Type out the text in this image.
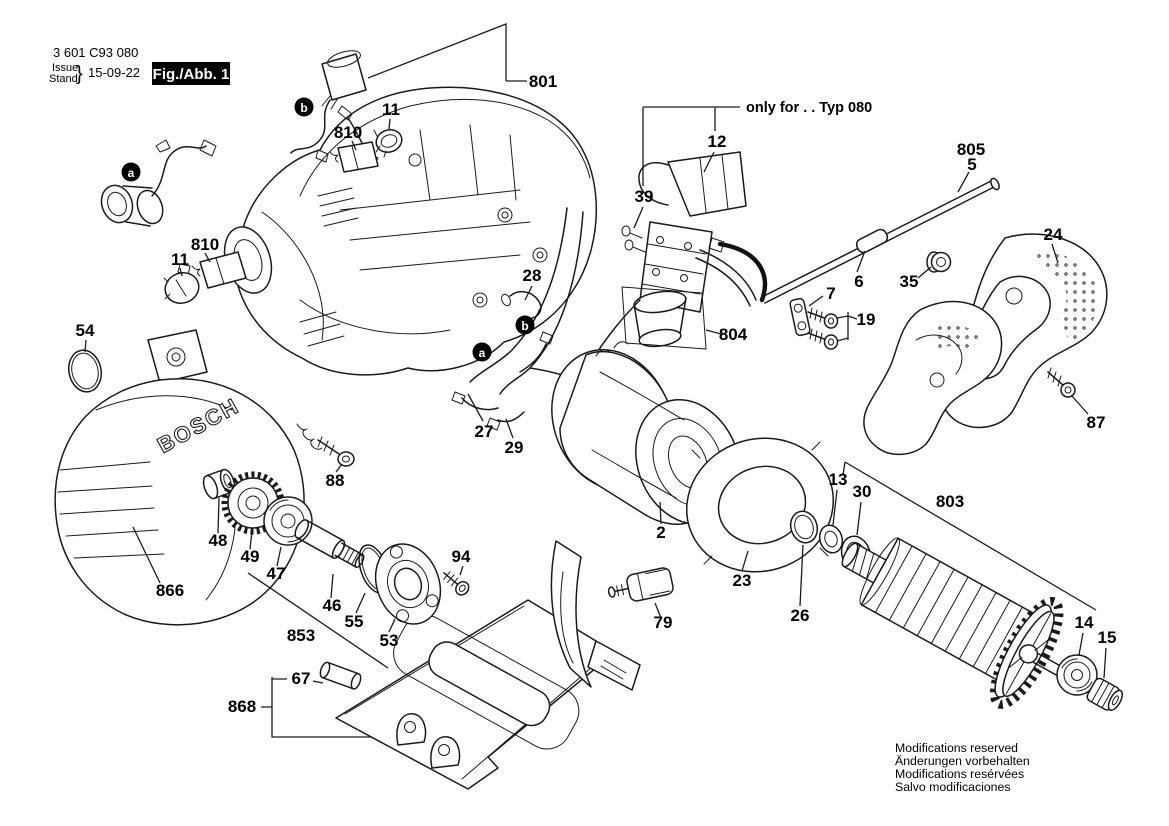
BOSCH
801
810
11
810
11
54
only for . . Typ 080
12
39
805
5
24
6 35
7
19
28
804
27
29
88
87
2
23
26
13
30
803
14
15
94
79
866
48
49
47
46
853
55
53
67
868
b
a
b
a
3 601 C93 080
Issue
Stand
} 15-09-22 Fig./Abb. 1
Modifications reserved
Änderungen vorbehalten
Modifications resérvées
Salvo modificaciones
